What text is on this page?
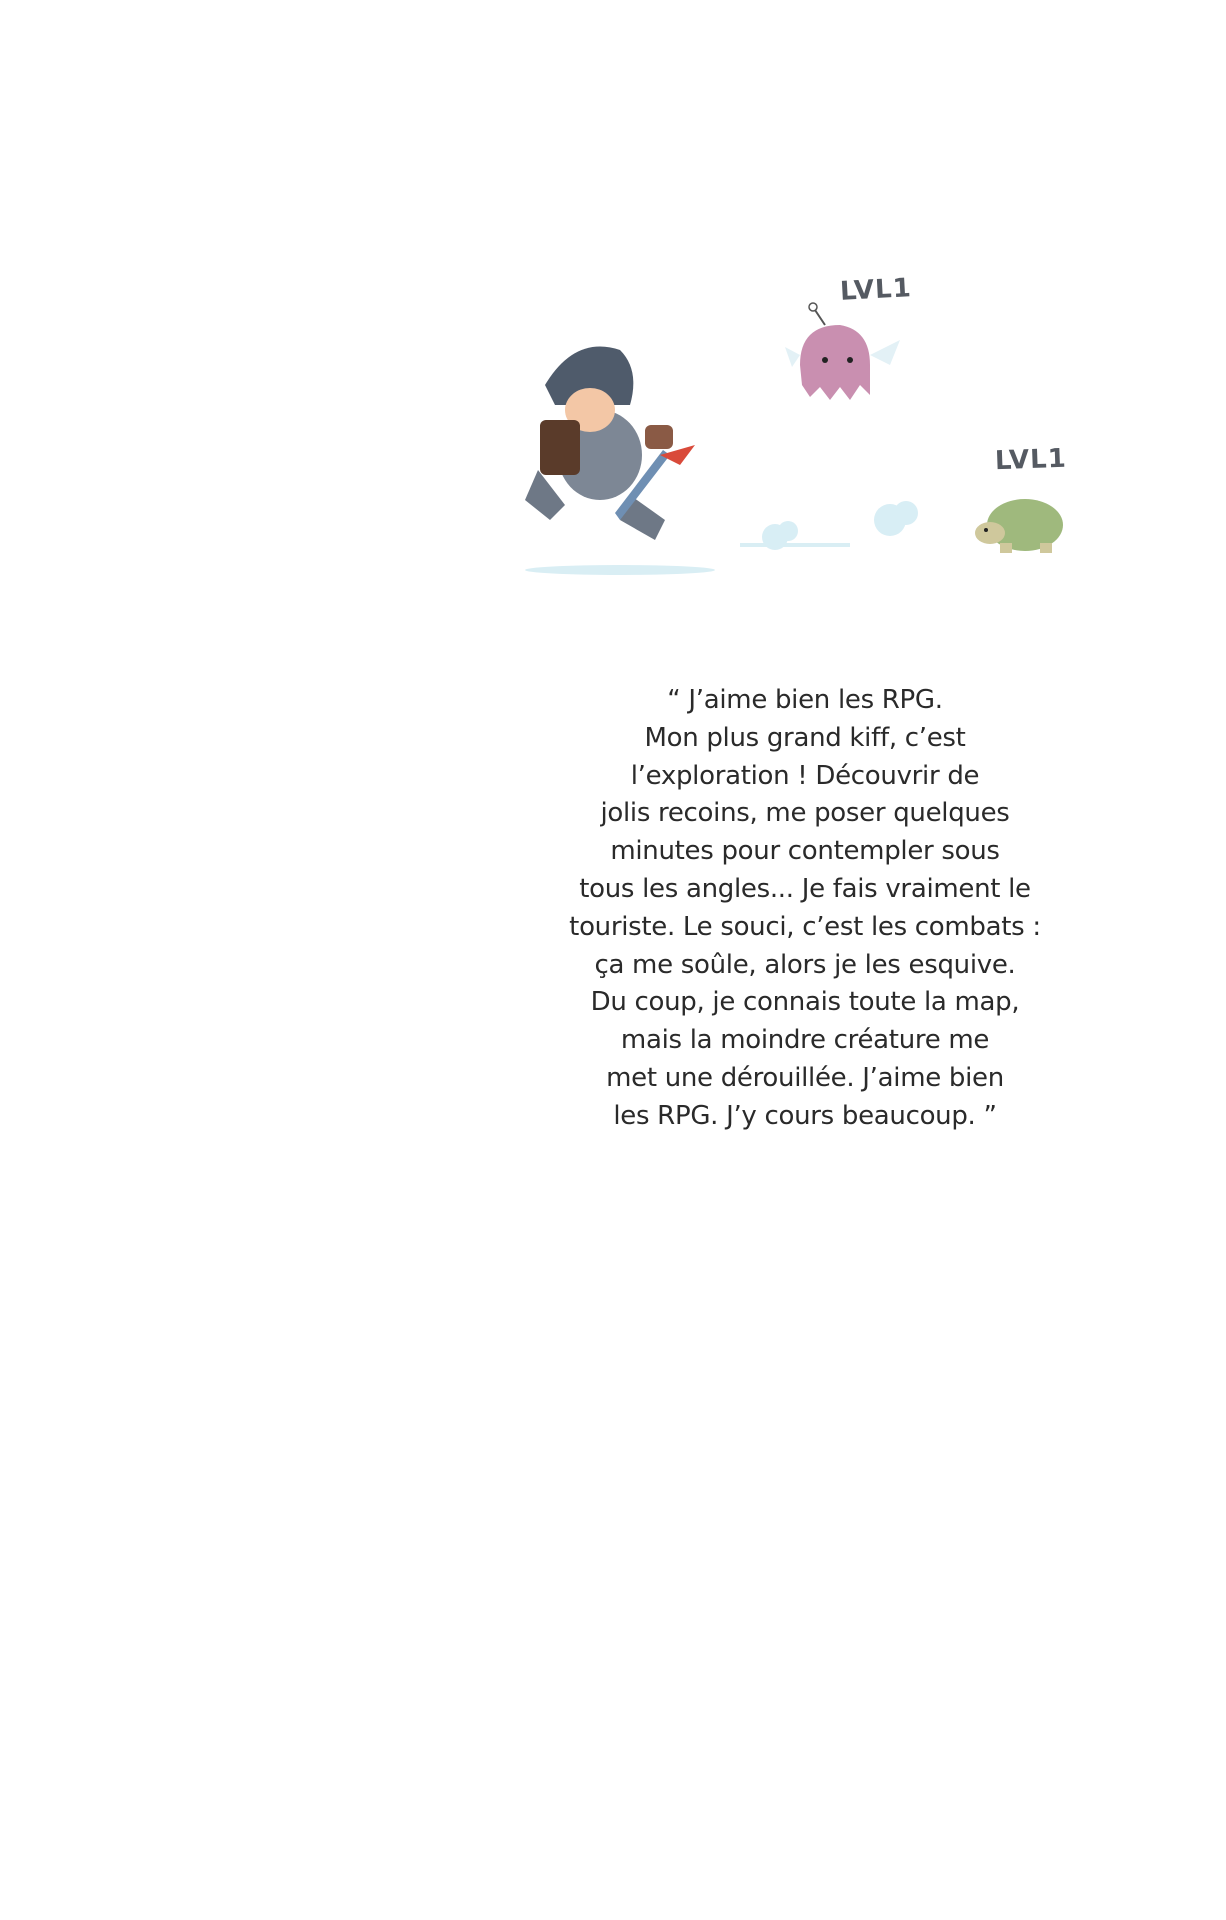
LVL1
LVL1
“ J’aime bien les RPG.
Mon plus grand kiff, c’est
l’exploration ! Découvrir de
jolis recoins, me poser quelques
minutes pour contempler sous
tous les angles... Je fais vraiment le
touriste. Le souci, c’est les combats :
ça me soûle, alors je les esquive.
Du coup, je connais toute la map,
mais la moindre créature me
met une dérouillée. J’aime bien
les RPG. J’y cours beaucoup. ”
